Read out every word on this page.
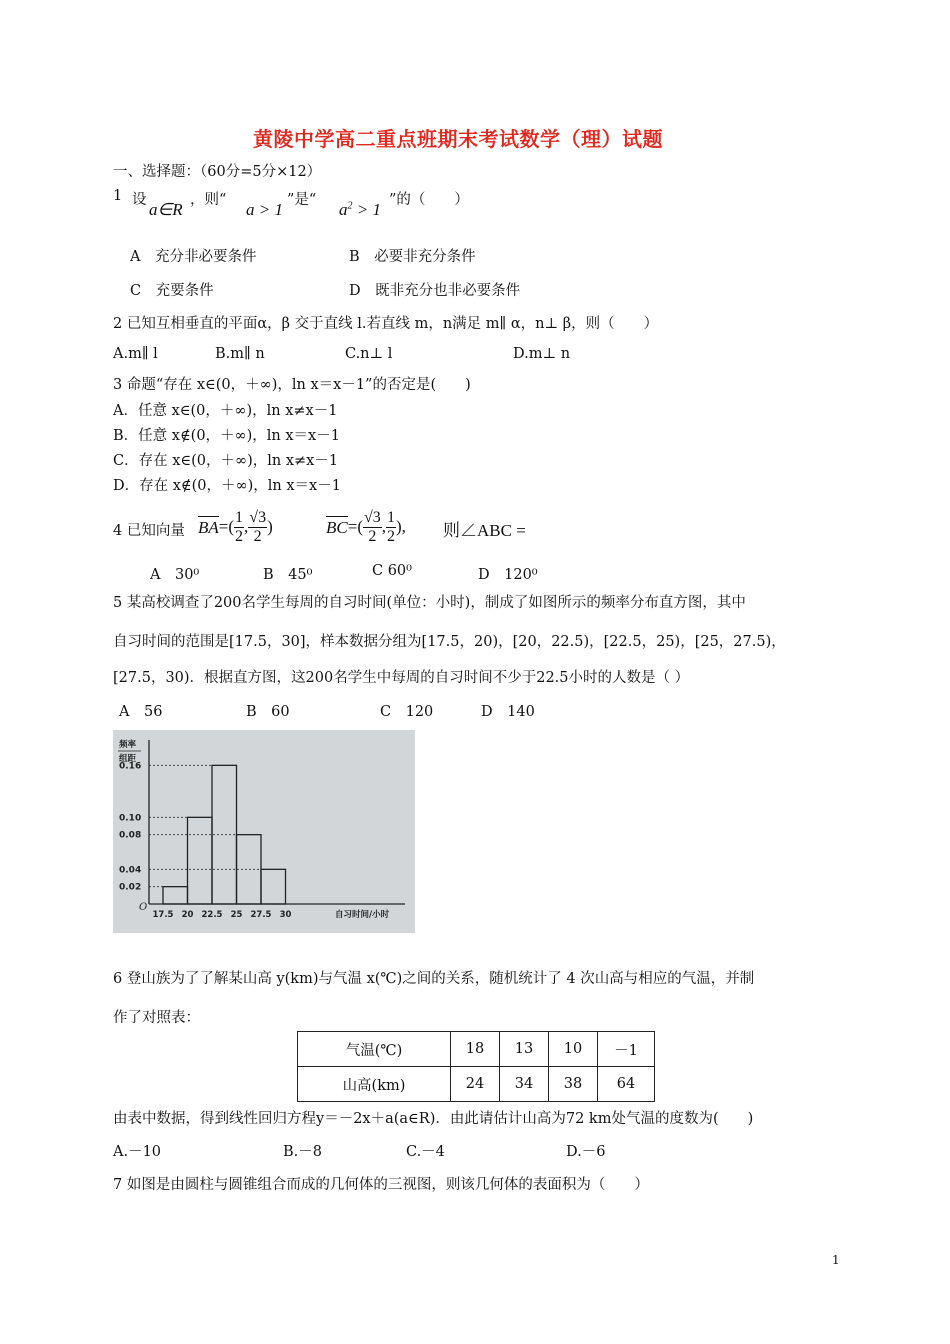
黄陵中学高二重点班期末考试数学（理）试题
一、选择题：（60分=5分×12）
1 设 a∈R ，则“ a > 1 ”是“ $a^2 > 1$ ”的（　　）
A　充分非必要条件	B　必要非充分条件
C　充要条件	D　既非充分也非必要条件
2 已知互相垂直的平面α，β 交于直线 l.若直线 m，n满足 m∥ α，n⊥ β，则（　　）
A.m∥ l	B.m∥ n	C.n⊥ l	D.m⊥ n
3 命题“存在 x∈(0，＋∞)，ln x＝x－1”的否定是(　　)
A．任意 x∈(0，＋∞)，ln x≠x－1
B．任意 x∉(0，＋∞)，ln x＝x－1
C．存在 x∈(0，＋∞)，ln x≠x－1
D．存在 x∉(0，＋∞)，ln x＝x－1
4 已知向量 BA =( $\frac{1}{2}$ , $\frac{√3}{2}$ )	BC =( $\frac{√3}{2}$ , $\frac{1}{2}$ ), 则∠ABC =
A　30⁰	B　45⁰	C 60⁰	D　120⁰
5 某高校调查了200名学生每周的自习时间(单位：小时)，制成了如图所示的频率分布直方图，其中
自习时间的范围是[17.5，30]，样本数据分组为[17.5，20)，[20，22.5)，[22.5，25)，[25，27.5)，
[27.5，30)．根据直方图，这200名学生中每周的自习时间不少于22.5小时的人数是（ ）
A　56	B　60	C　120	D　140
频率
组距
0.16
0.10
0.08
0.04
0.02
O
17.5 20 22.5 25 27.5 30	自习时间/小时
6 登山族为了了解某山高 y(km)与气温 x(℃)之间的关系，随机统计了 4 次山高与相应的气温，并制
作了对照表：
气温(℃)	18	13	10	－1
山高(km)	24	34	38	64
由表中数据，得到线性回归方程y＝－2x＋a(a∈R)．由此请估计山高为72 km处气温的度数为(　　)
A.－10	B.－8	C.－4	D.－6
7 如图是由圆柱与圆锥组合而成的几何体的三视图，则该几何体的表面积为（　　）
1
